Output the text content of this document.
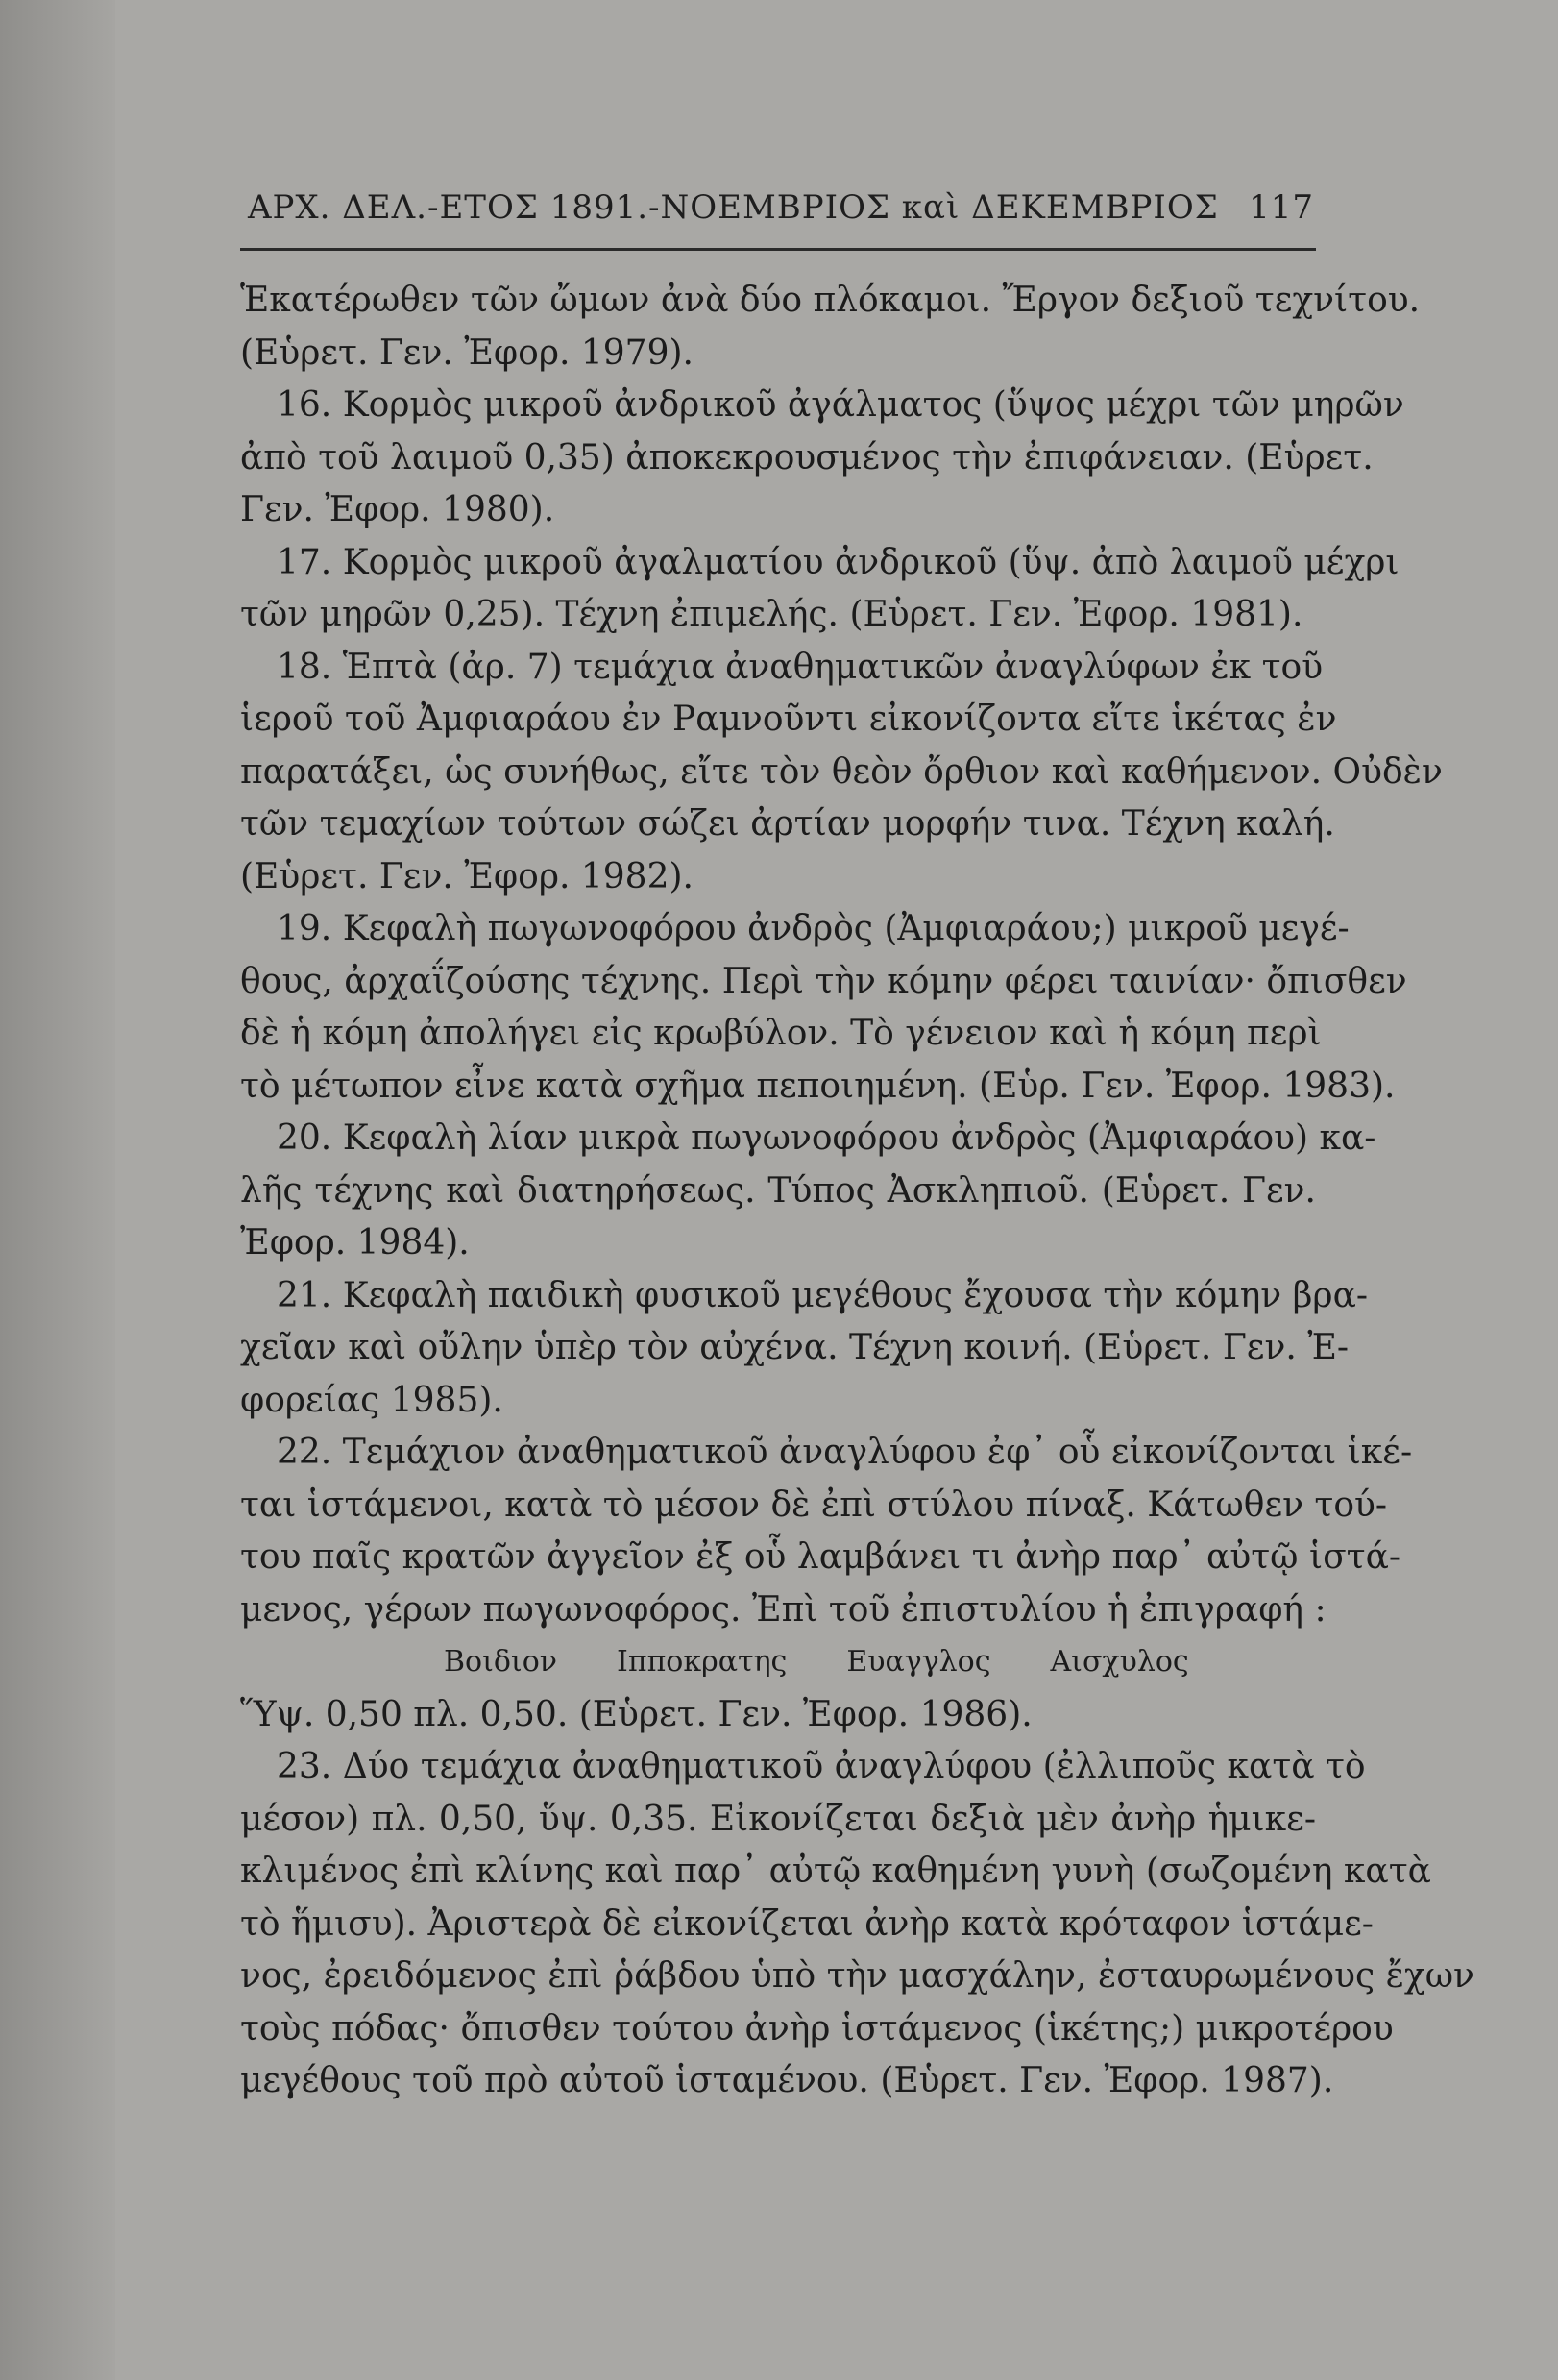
ΑΡΧ. ΔΕΛ.-ΕΤΟΣ 1891.-ΝΟΕΜΒΡΙΟΣ καὶ ΔΕΚΕΜΒΡΙΟΣ 117
Ἑκατέρωθεν τῶν ὤμων ἀνὰ δύο πλόκαμοι. Ἔργον δεξιοῦ τεχνίτου.
(Εὑρετ. Γεν. Ἐφορ. 1979).
16. Κορμὸς μικροῦ ἀνδρικοῦ ἀγάλματος (ὕψος μέχρι τῶν μηρῶν
ἀπὸ τοῦ λαιμοῦ 0,35) ἀποκεκρουσμένος τὴν ἐπιφάνειαν. (Εὑρετ.
Γεν. Ἐφορ. 1980).
17. Κορμὸς μικροῦ ἀγαλματίου ἀνδρικοῦ (ὕψ. ἀπὸ λαιμοῦ μέχρι
τῶν μηρῶν 0,25). Τέχνη ἐπιμελής. (Εὑρετ. Γεν. Ἐφορ. 1981).
18. Ἑπτὰ (ἀρ. 7) τεμάχια ἀναθηματικῶν ἀναγλύφων ἐκ τοῦ
ἱεροῦ τοῦ Ἀμφιαράου ἐν Ραμνοῦντι εἰκονίζοντα εἴτε ἱκέτας ἐν
παρατάξει, ὡς συνήθως, εἴτε τὸν θεὸν ὄρθιον καὶ καθήμενον. Οὐδὲν
τῶν τεμαχίων τούτων σώζει ἀρτίαν μορφήν τινα. Τέχνη καλή.
(Εὑρετ. Γεν. Ἐφορ. 1982).
19. Κεφαλὴ πωγωνοφόρου ἀνδρὸς (Ἀμφιαράου;) μικροῦ μεγέ-
θους, ἀρχαΐζούσης τέχνης. Περὶ τὴν κόμην φέρει ταινίαν· ὄπισθεν
δὲ ἡ κόμη ἀπολήγει εἰς κρωβύλον. Τὸ γένειον καὶ ἡ κόμη περὶ
τὸ μέτωπον εἶνε κατὰ σχῆμα πεποιημένη. (Εὑρ. Γεν. Ἐφορ. 1983).
20. Κεφαλὴ λίαν μικρὰ πωγωνοφόρου ἀνδρὸς (Ἀμφιαράου) κα-
λῆς τέχνης καὶ διατηρήσεως. Τύπος Ἀσκληπιοῦ. (Εὑρετ. Γεν.
Ἐφορ. 1984).
21. Κεφαλὴ παιδικὴ φυσικοῦ μεγέθους ἔχουσα τὴν κόμην βρα-
χεῖαν καὶ οὔλην ὑπὲρ τὸν αὐχένα. Τέχνη κοινή. (Εὑρετ. Γεν. Ἐ-
φορείας 1985).
22. Τεμάχιον ἀναθηματικοῦ ἀναγλύφου ἐφ᾽ οὗ εἰκονίζονται ἱκέ-
ται ἱστάμενοι, κατὰ τὸ μέσον δὲ ἐπὶ στύλου πίναξ. Κάτωθεν τού-
του παῖς κρατῶν ἀγγεῖον ἐξ οὗ λαμβάνει τι ἀνὴρ παρ᾽ αὐτῷ ἱστά-
μενος, γέρων πωγωνοφόρος. Ἐπὶ τοῦ ἐπιστυλίου ἡ ἐπιγραφή :
Βοιδιον Ιπποκρατης Ευαγγλος Αισχυλος
Ὕψ. 0,50 πλ. 0,50. (Εὑρετ. Γεν. Ἐφορ. 1986).
23. Δύο τεμάχια ἀναθηματικοῦ ἀναγλύφου (ἐλλιποῦς κατὰ τὸ
μέσον) πλ. 0,50, ὕψ. 0,35. Εἰκονίζεται δεξιὰ μὲν ἀνὴρ ἡμικε-
κλιμένος ἐπὶ κλίνης καὶ παρ᾽ αὐτῷ καθημένη γυνὴ (σωζομένη κατὰ
τὸ ἥμισυ). Ἀριστερὰ δὲ εἰκονίζεται ἀνὴρ κατὰ κρόταφον ἱστάμε-
νος, ἐρειδόμενος ἐπὶ ῥάβδου ὑπὸ τὴν μασχάλην, ἐσταυρωμένους ἔχων
τοὺς πόδας· ὄπισθεν τούτου ἀνὴρ ἱστάμενος (ἱκέτης;) μικροτέρου
μεγέθους τοῦ πρὸ αὐτοῦ ἱσταμένου. (Εὑρετ. Γεν. Ἐφορ. 1987).
